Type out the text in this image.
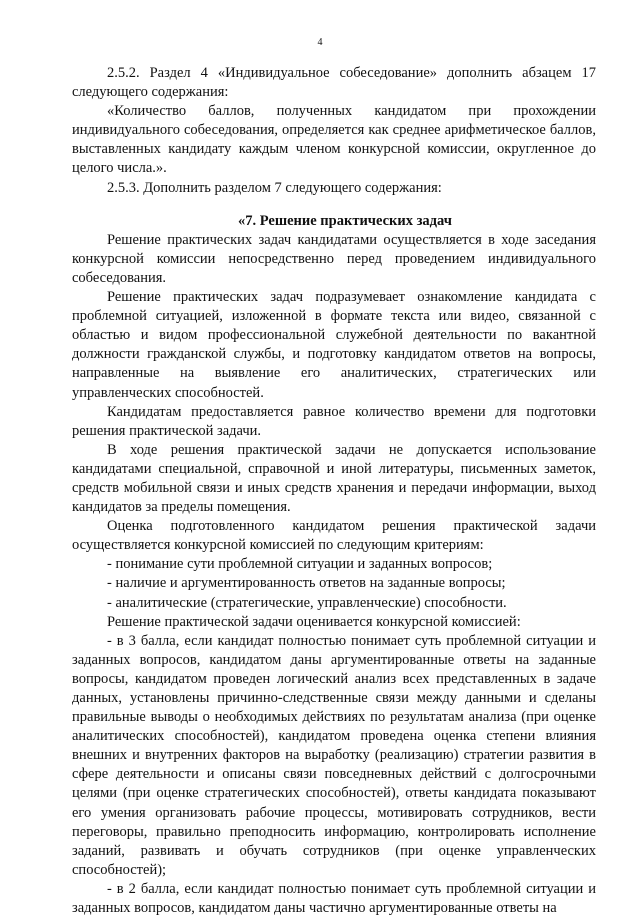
4

2.5.2. Раздел 4 «Индивидуальное собеседование» дополнить абзацем 17 следующего содержания:

«Количество баллов, полученных кандидатом при прохождении индивидуального собеседования, определяется как среднее арифметическое баллов, выставленных кандидату каждым членом конкурсной комиссии, округленное до целого числа.».

2.5.3. Дополнить разделом 7 следующего содержания:

«7. Решение практических задач

Решение практических задач кандидатами осуществляется в ходе заседания конкурсной комиссии непосредственно перед проведением индивидуального собеседования.

Решение практических задач подразумевает ознакомление кандидата с проблемной ситуацией, изложенной в формате текста или видео, связанной с областью и видом профессиональной служебной деятельности по вакантной должности гражданской службы, и подготовку кандидатом ответов на вопросы, направленные на выявление его аналитических, стратегических или управленческих способностей.

Кандидатам предоставляется равное количество времени для подготовки решения практической задачи.

В ходе решения практической задачи не допускается использование кандидатами специальной, справочной и иной литературы, письменных заметок, средств мобильной связи и иных средств хранения и передачи информации, выход кандидатов за пределы помещения.

Оценка подготовленного кандидатом решения практической задачи осуществляется конкурсной комиссией по следующим критериям:

- понимание сути проблемной ситуации и заданных вопросов;

- наличие и аргументированность ответов на заданные вопросы;

- аналитические (стратегические, управленческие) способности.

Решение практической задачи оценивается конкурсной комиссией:

- в 3 балла, если кандидат полностью понимает суть проблемной ситуации и заданных вопросов, кандидатом даны аргументированные ответы на заданные вопросы, кандидатом проведен логический анализ всех представленных в задаче данных, установлены причинно-следственные связи между данными и сделаны правильные выводы о необходимых действиях по результатам анализа (при оценке аналитических способностей), кандидатом проведена оценка степени влияния внешних и внутренних факторов на выработку (реализацию) стратегии развития в сфере деятельности и описаны связи повседневных действий с долгосрочными целями (при оценке стратегических способностей), ответы кандидата показывают его умения организовать рабочие процессы, мотивировать сотрудников, вести переговоры, правильно преподносить информацию, контролировать исполнение заданий, развивать и обучать сотрудников (при оценке управленческих способностей);

- в 2 балла, если кандидат полностью понимает суть проблемной ситуации и заданных вопросов, кандидатом даны частично аргументированные ответы на
